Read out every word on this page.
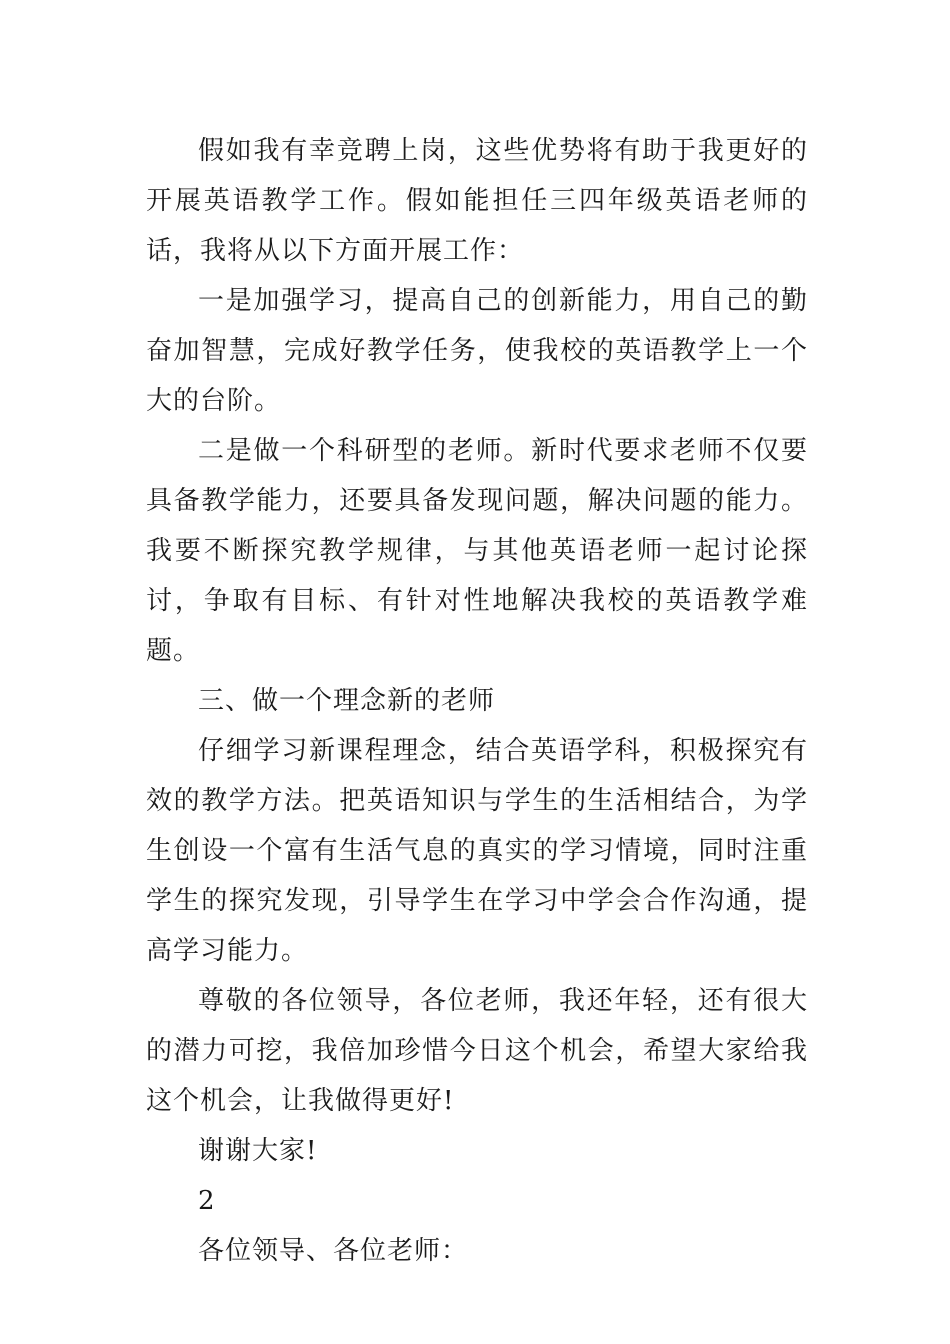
假如我有幸竞聘上岗，这些优势将有助于我更好的开展英语教学工作。假如能担任三四年级英语老师的话，我将从以下方面开展工作：

一是加强学习，提高自己的创新能力，用自己的勤奋加智慧，完成好教学任务，使我校的英语教学上一个大的台阶。

二是做一个科研型的老师。新时代要求老师不仅要具备教学能力，还要具备发现问题，解决问题的能力。我要不断探究教学规律，与其他英语老师一起讨论探讨，争取有目标、有针对性地解决我校的英语教学难题。

三、做一个理念新的老师

仔细学习新课程理念，结合英语学科，积极探究有效的教学方法。把英语知识与学生的生活相结合，为学生创设一个富有生活气息的真实的学习情境，同时注重学生的探究发现，引导学生在学习中学会合作沟通，提高学习能力。

尊敬的各位领导，各位老师，我还年轻，还有很大的潜力可挖，我倍加珍惜今日这个机会，希望大家给我这个机会，让我做得更好!

谢谢大家!

2

各位领导、各位老师：
